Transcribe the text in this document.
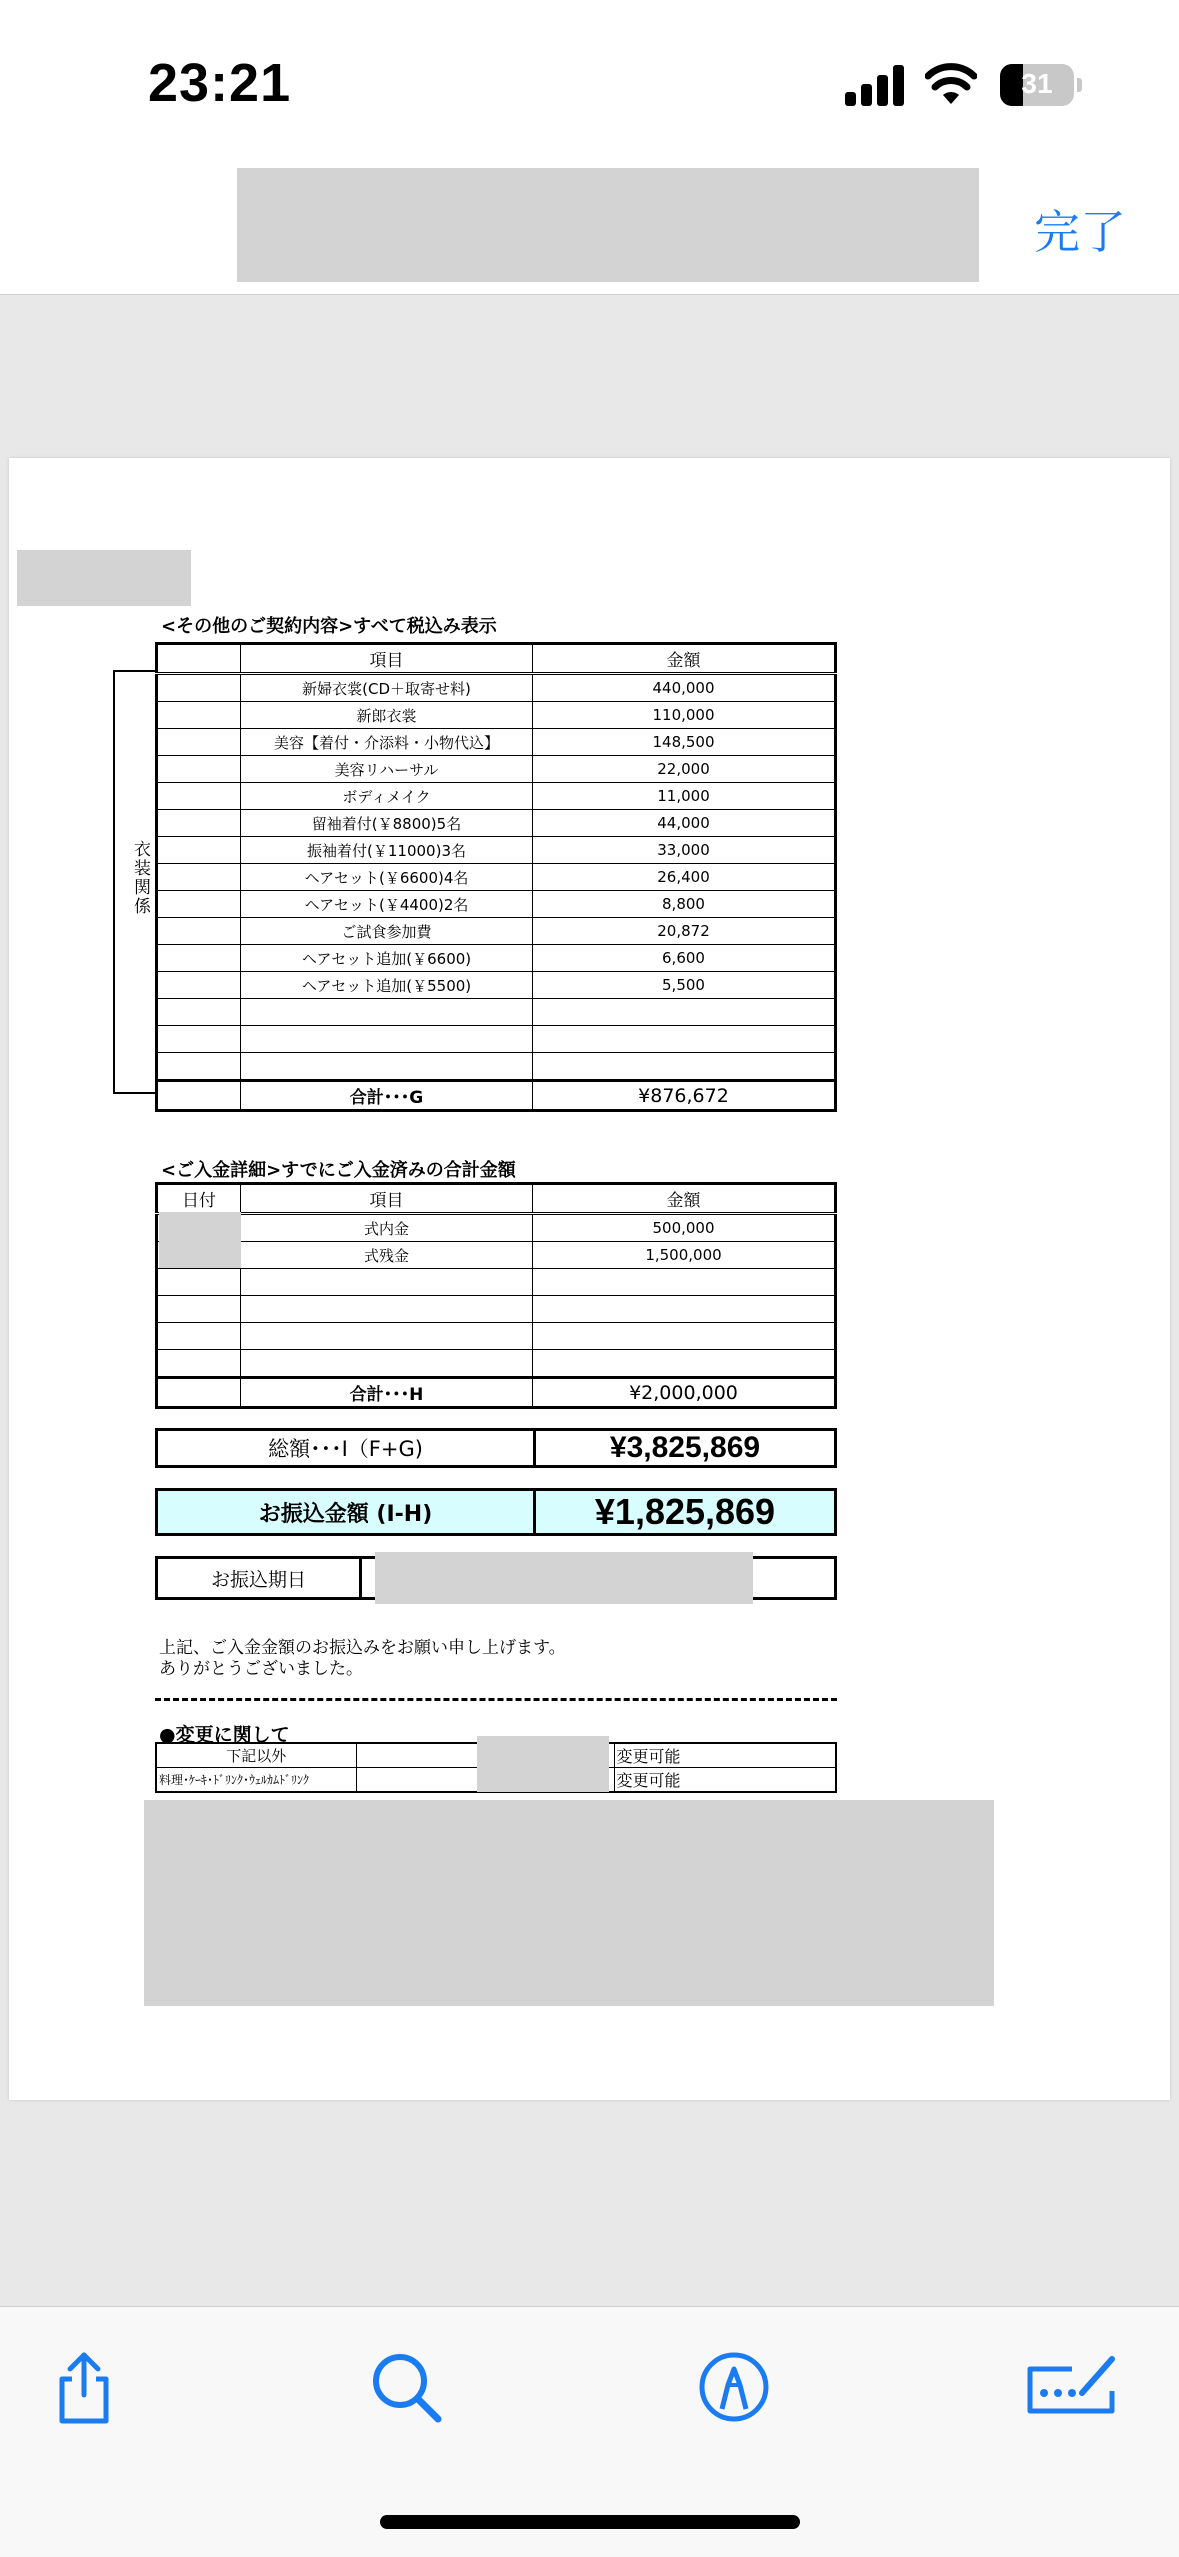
23:21	31
完了
<その他のご契約内容>すべて税込み表示
衣装関係
	項目	金額
	新婦衣裳(CD＋取寄せ料)	440,000
	新郎衣裳	110,000
	美容【着付・介添料・小物代込】	148,500
	美容リハーサル	22,000
	ボディメイク	11,000
	留袖着付(￥8800)5名	44,000
	振袖着付(￥11000)3名	33,000
	ヘアセット(￥6600)4名	26,400
	ヘアセット(￥4400)2名	8,800
	ご試食参加費	20,872
	ヘアセット追加(￥6600)	6,600
	ヘアセット追加(￥5500)	5,500

	合計･･･G	¥876,672
<ご入金詳細>すでにご入金済みの合計金額
日付	項目	金額
	式内金	500,000
	式残金	1,500,000

	合計･･･H	¥2,000,000
総額･･･I（F+G)	¥3,825,869
お振込金額 (I-H)	¥1,825,869
お振込期日
上記、ご入金金額のお振込みをお願い申し上げます。
ありがとうございました。
●変更に関して
下記以外		変更可能
料理･ｹｰｷ･ﾄﾞﾘﾝｸ･ｳｪﾙｶﾑﾄﾞﾘﾝｸ		変更可能
